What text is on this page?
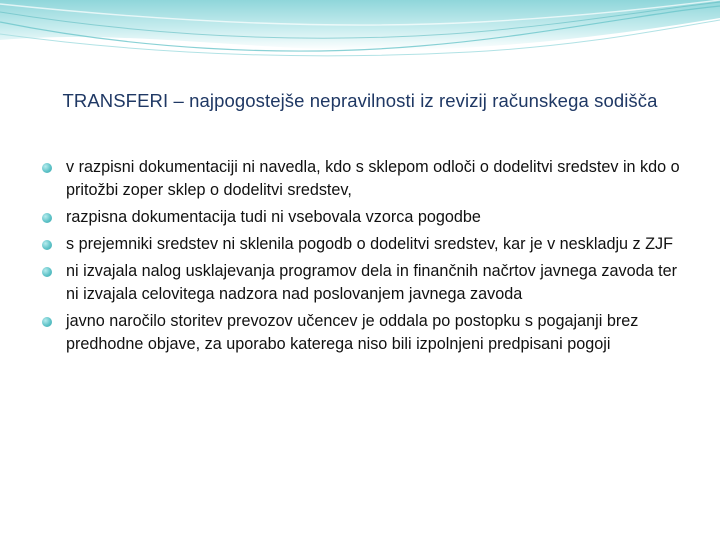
TRANSFERI – najpogostejše nepravilnosti iz revizij računskega sodišča
v razpisni dokumentaciji ni navedla, kdo s sklepom odloči o dodelitvi sredstev in kdo o pritožbi zoper sklep o dodelitvi sredstev,
razpisna dokumentacija tudi ni vsebovala vzorca pogodbe
s prejemniki sredstev ni sklenila pogodb o dodelitvi sredstev, kar je v neskladju z ZJF
ni izvajala nalog usklajevanja programov dela in finančnih načrtov javnega zavoda ter ni izvajala celovitega nadzora nad poslovanjem javnega zavoda
javno naročilo storitev prevozov učencev je oddala po postopku s pogajanji brez predhodne objave, za uporabo katerega niso bili izpolnjeni predpisani pogoji
